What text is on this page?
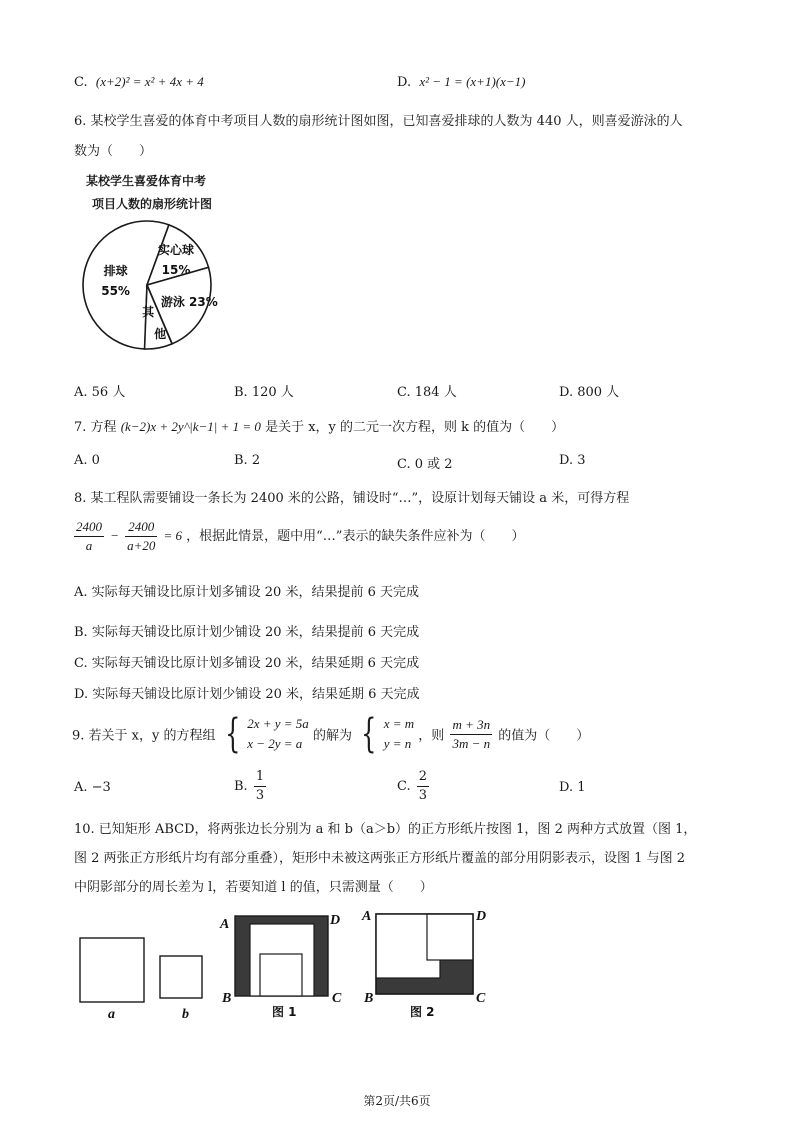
C. (x+2)² = x² + 4x + 4	D. x² − 1 = (x+1)(x−1)
6. 某校学生喜爱的体育中考项目人数的扇形统计图如图，已知喜爱排球的人数为 440 人，则喜爱游泳的人
数为（　　）
某校学生喜爱体育中考
项目人数的扇形统计图
排球
55%
实心球
15%
游泳 23%
其
他
A. 56 人	B. 120 人	C. 184 人	D. 800 人
7. 方程 (k−2)x + 2y^|k−1| + 1 = 0 是关于 x，y 的二元一次方程，则 k 的值为（　　）
A. 0	B. 2	C. 0 或 2	D. 3
8. 某工程队需要铺设一条长为 2400 米的公路，铺设时“…”，设原计划每天铺设 a 米，可得方程
$\frac{2400}{a} - \frac{2400}{a+20} = 6$ ，根据此情景，题中用“…”表示的缺失条件应补为（　　）
A. 实际每天铺设比原计划多铺设 20 米，结果提前 6 天完成
B. 实际每天铺设比原计划少铺设 20 米，结果提前 6 天完成
C. 实际每天铺设比原计划多铺设 20 米，结果延期 6 天完成
D. 实际每天铺设比原计划少铺设 20 米，结果延期 6 天完成
9. 若关于 x，y 的方程组 { 2x + y = 5a
x − 2y = a 的解为 { x = m
y = n ，则 $\frac{m + 3n}{3m - n}$ 的值为（　　）
A. −3	B. $\frac{1}{3}$	C. $\frac{2}{3}$	D. 1
10. 已知矩形 ABCD，将两张边长分别为 a 和 b（a＞b）的正方形纸片按图 1，图 2 两种方式放置（图 1，
图 2 两张正方形纸片均有部分重叠），矩形中未被这两张正方形纸片覆盖的部分用阴影表示，设图 1 与图 2
中阴影部分的周长差为 l，若要知道 l 的值，只需测量（　　）
a	b
A	D
B	C
图 1
A	D
B	C
图 2
第2页/共6页
